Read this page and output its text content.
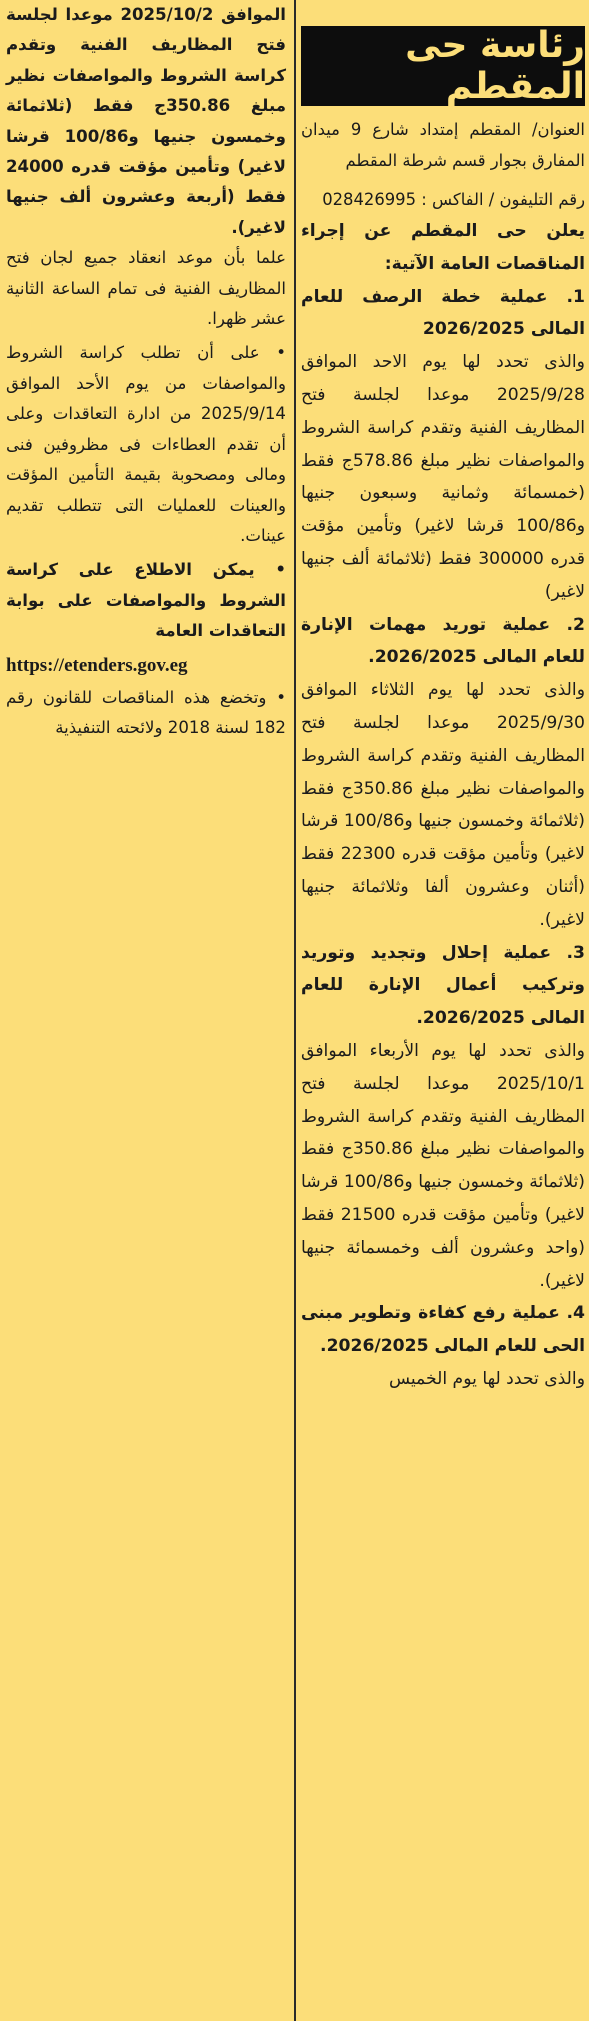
رئاسة حى المقطم

العنوان/ المقطم إمتداد شارع 9 ميدان المفارق بجوار قسم شرطة المقطم

رقم التليفون / الفاكس : 028426995

يعلن حى المقطم عن إجراء المناقصات العامة الآتية:

1. عملية خطة الرصف للعام المالى 2026/2025

والذى تحدد لها يوم الاحد الموافق 2025/9/28 موعدا لجلسة فتح المظاريف الفنية وتقدم كراسة الشروط والمواصفات نظير مبلغ 578.86ج فقط (خمسمائة وثمانية وسبعون جنيها و100/86 قرشا لاغير) وتأمين مؤقت قدره 300000 فقط (ثلاثمائة ألف جنيها لاغير)

2. عملية توريد مهمات الإنارة للعام المالى 2026/2025.

والذى تحدد لها يوم الثلاثاء الموافق 2025/9/30 موعدا لجلسة فتح المظاريف الفنية وتقدم كراسة الشروط والمواصفات نظير مبلغ 350.86ج فقط (ثلاثمائة وخمسون جنيها و100/86 قرشا لاغير) وتأمين مؤقت قدره 22300 فقط (أثنان وعشرون ألفا وثلاثمائة جنيها لاغير).

3. عملية إحلال وتجديد وتوريد وتركيب أعمال الإنارة للعام المالى 2026/2025.

والذى تحدد لها يوم الأربعاء الموافق 2025/10/1 موعدا لجلسة فتح المظاريف الفنية وتقدم كراسة الشروط والمواصفات نظير مبلغ 350.86ج فقط (ثلاثمائة وخمسون جنيها و100/86 قرشا لاغير) وتأمين مؤقت قدره 21500 فقط (واحد وعشرون ألف وخمسمائة جنيها لاغير).

4. عملية رفع كفاءة وتطوير مبنى الحى للعام المالى 2026/2025.

والذى تحدد لها يوم الخميس

الموافق 2025/10/2 موعدا لجلسة فتح المظاريف الفنية وتقدم كراسة الشروط والمواصفات نظير مبلغ 350.86ج فقط (ثلاثمائة وخمسون جنيها و100/86 قرشا لاغير) وتأمين مؤقت قدره 24000 فقط (أربعة وعشرون ألف جنيها لاغير).

علما بأن موعد انعقاد جميع لجان فتح المظاريف الفنية فى تمام الساعة الثانية عشر ظهرا.

• على أن تطلب كراسة الشروط والمواصفات من يوم الأحد الموافق 2025/9/14 من ادارة التعاقدات وعلى أن تقدم العطاءات فى مظروفين فنى ومالى ومصحوبة بقيمة التأمين المؤقت والعينات للعمليات التى تتطلب تقديم عينات.

• يمكن الاطلاع على كراسة الشروط والمواصفات على بوابة التعاقدات العامة

https://etenders.gov.eg

• وتخضع هذه المناقصات للقانون رقم 182 لسنة 2018 ولائحته التنفيذية
